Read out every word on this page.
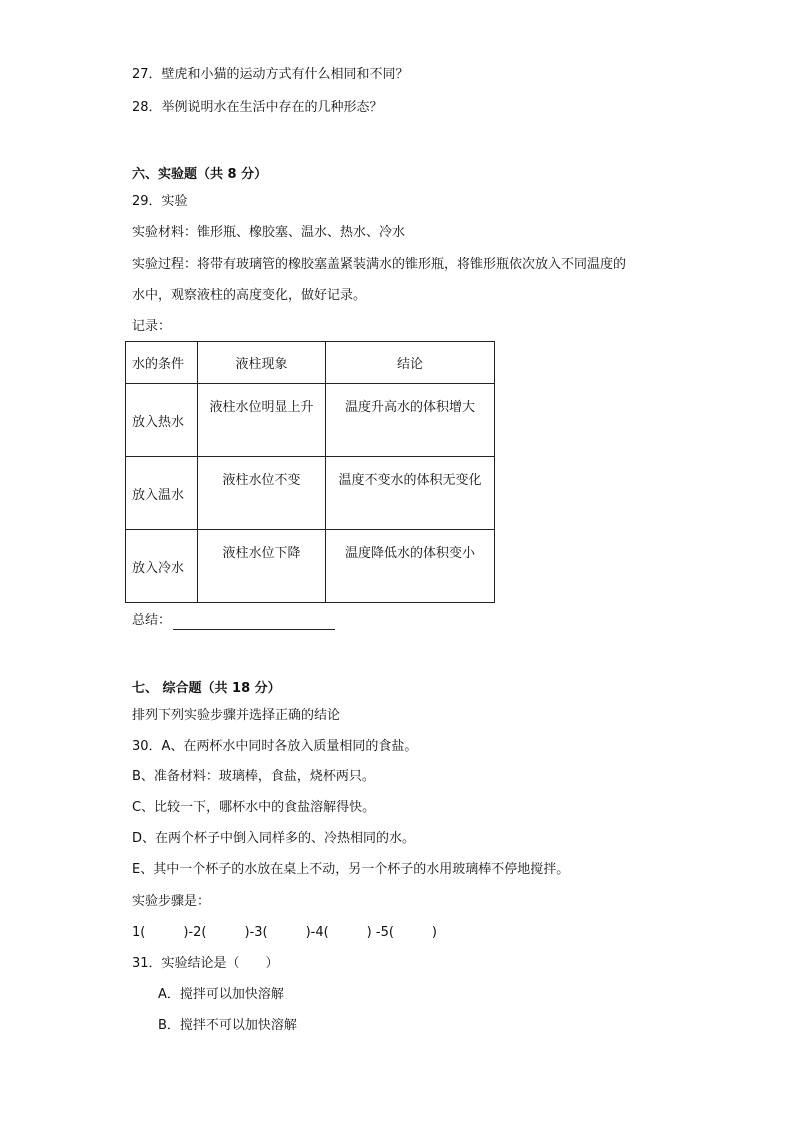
27．壁虎和小猫的运动方式有什么相同和不同？
28．举例说明水在生活中存在的几种形态？
六、实验题（共 8 分）
29．实验
实验材料：锥形瓶、橡胶塞、温水、热水、冷水
实验过程：将带有玻璃管的橡胶塞盖紧装满水的锥形瓶，将锥形瓶依次放入不同温度的
水中，观察液柱的高度变化，做好记录。
记录：
水的条件	液柱现象	结论
放入热水	液柱水位明显上升	温度升高水的体积增大
放入温水	液柱水位不变	温度不变水的体积无变化
放入冷水	液柱水位下降	温度降低水的体积变小
总结：
七、 综合题（共 18 分）
排列下列实验步骤并选择正确的结论
30．A、在两杯水中同时各放入质量相同的食盐。
B、准备材料：玻璃棒，食盐，烧杯两只。
C、比较一下，哪杯水中的食盐溶解得快。
D、在两个杯子中倒入同样多的、冷热相同的水。
E、其中一个杯子的水放在桌上不动，另一个杯子的水用玻璃棒不停地搅拌。
实验步骤是：
1(	)-2(	)-3(	)-4(	) -5(	)
31．实验结论是（　　）
A．搅拌可以加快溶解
B．搅拌不可以加快溶解
